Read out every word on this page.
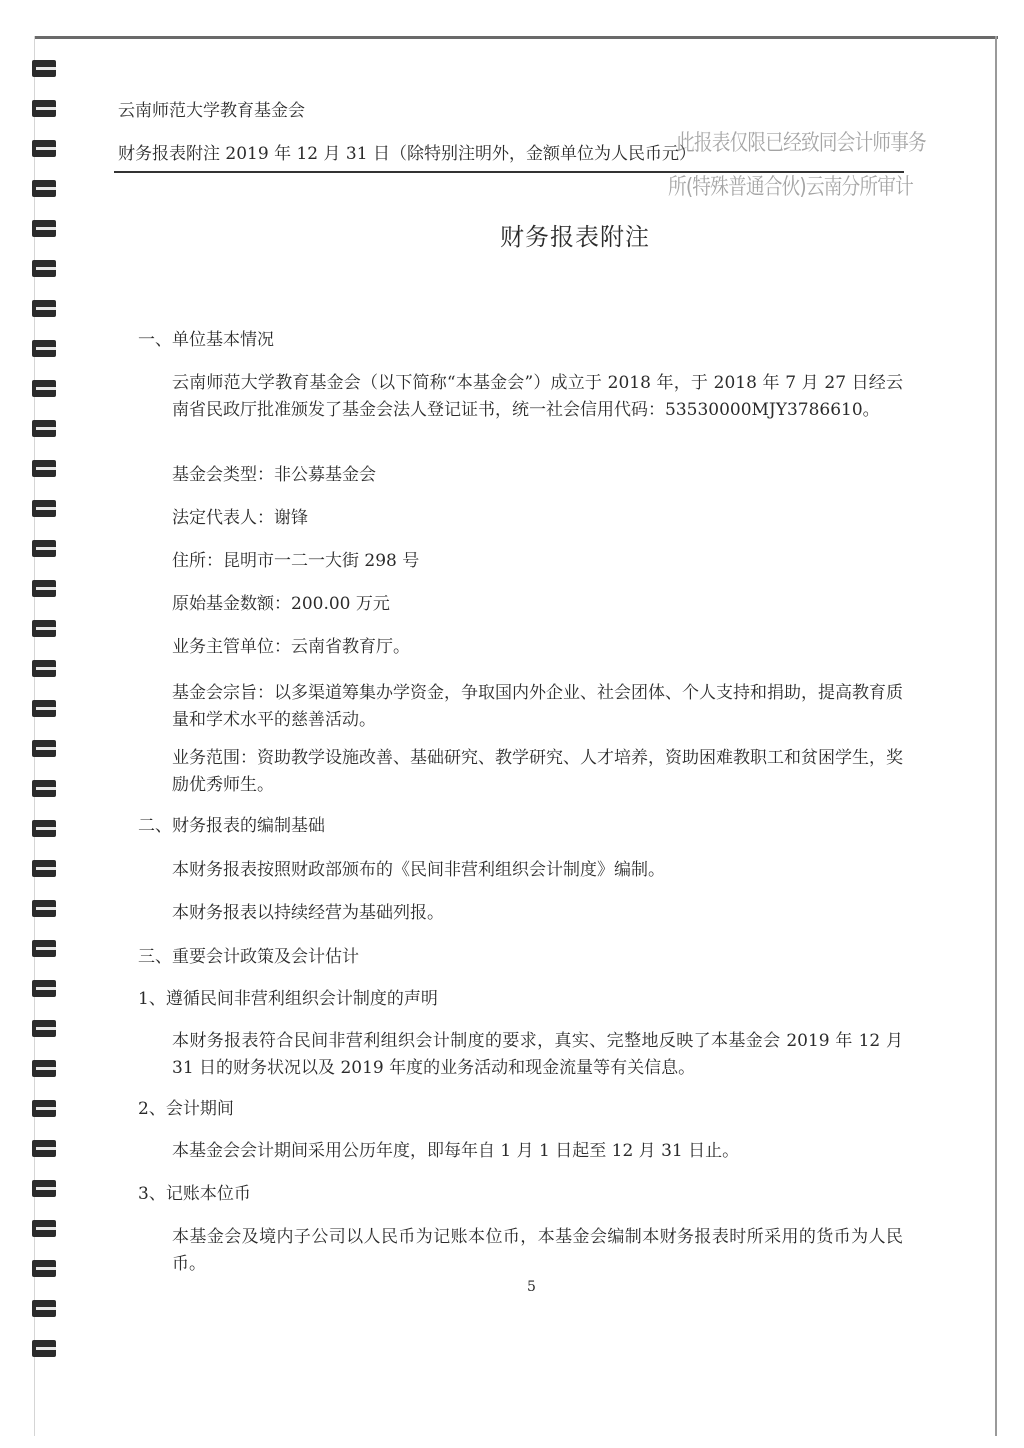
云南师范大学教育基金会
财务报表附注 2019 年 12 月 31 日（除特别注明外，金额单位为人民币元）
此报表仅限已经致同会计师事务
所(特殊普通合伙)云南分所审计
财务报表附注
一、单位基本情况
云南师范大学教育基金会（以下简称“本基金会”）成立于 2018 年，于 2018 年 7 月 27 日经云南省民政厅批准颁发了基金会法人登记证书，统一社会信用代码：53530000MJY3786610。
基金会类型：非公募基金会
法定代表人：谢锋
住所：昆明市一二一大街 298 号
原始基金数额：200.00 万元
业务主管单位：云南省教育厅。
基金会宗旨：以多渠道筹集办学资金，争取国内外企业、社会团体、个人支持和捐助，提高教育质量和学术水平的慈善活动。
业务范围：资助教学设施改善、基础研究、教学研究、人才培养，资助困难教职工和贫困学生，奖励优秀师生。
二、财务报表的编制基础
本财务报表按照财政部颁布的《民间非营利组织会计制度》编制。
本财务报表以持续经营为基础列报。
三、重要会计政策及会计估计
1、遵循民间非营利组织会计制度的声明
本财务报表符合民间非营利组织会计制度的要求，真实、完整地反映了本基金会 2019 年 12 月 31 日的财务状况以及 2019 年度的业务活动和现金流量等有关信息。
2、会计期间
本基金会会计期间采用公历年度，即每年自 1 月 1 日起至 12 月 31 日止。
3、记账本位币
本基金会及境内子公司以人民币为记账本位币，本基金会编制本财务报表时所采用的货币为人民币。
5
